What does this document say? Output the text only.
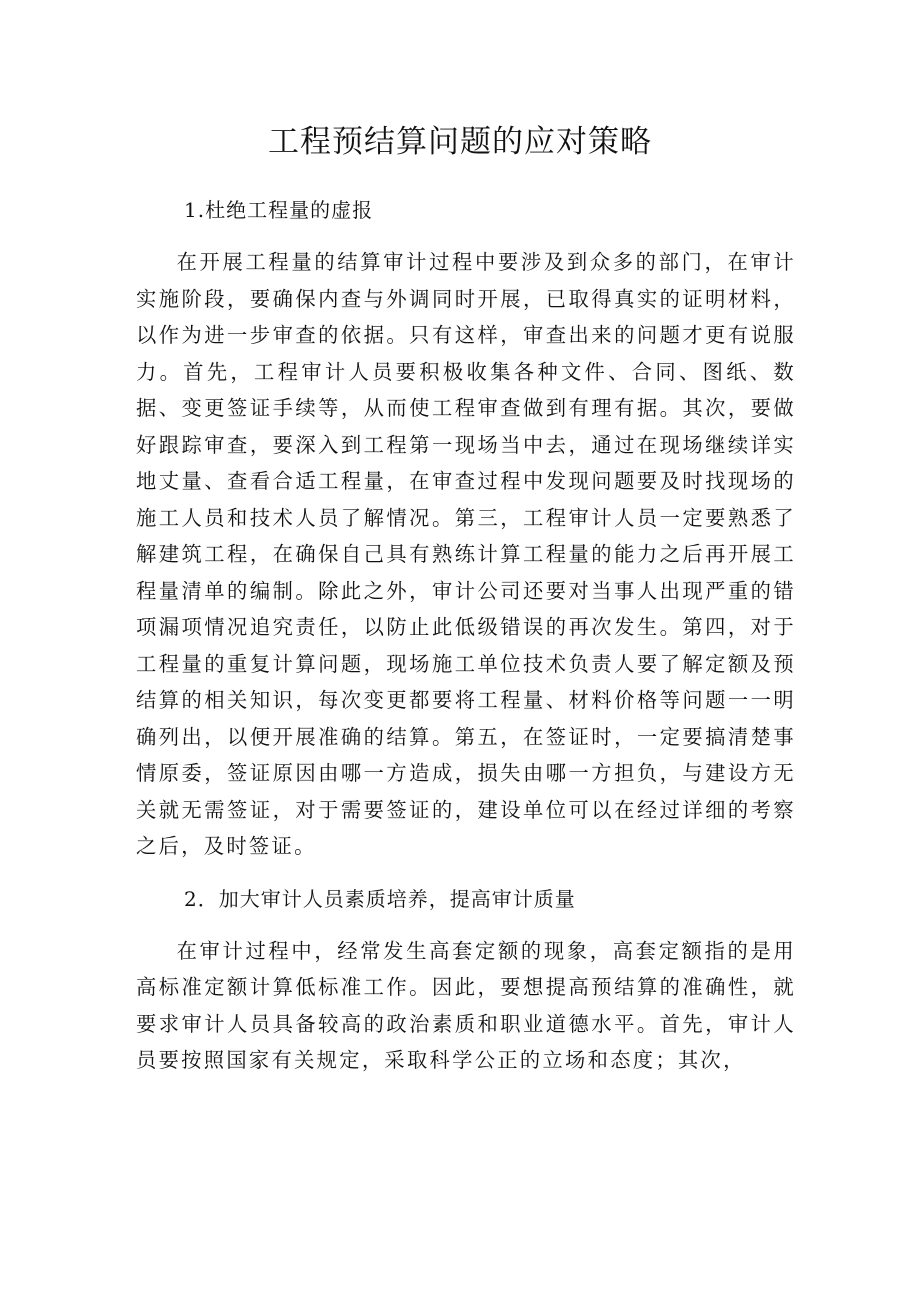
工程预结算问题的应对策略

1.杜绝工程量的虚报

在开展工程量的结算审计过程中要涉及到众多的部门，在审计实施阶段，要确保内查与外调同时开展，已取得真实的证明材料，以作为进一步审查的依据。只有这样，审查出来的问题才更有说服力。首先，工程审计人员要积极收集各种文件、合同、图纸、数据、变更签证手续等，从而使工程审查做到有理有据。其次，要做好跟踪审查，要深入到工程第一现场当中去，通过在现场继续详实地丈量、查看合适工程量，在审查过程中发现问题要及时找现场的施工人员和技术人员了解情况。第三，工程审计人员一定要熟悉了解建筑工程，在确保自己具有熟练计算工程量的能力之后再开展工程量清单的编制。除此之外，审计公司还要对当事人出现严重的错项漏项情况追究责任，以防止此低级错误的再次发生。第四，对于工程量的重复计算问题，现场施工单位技术负责人要了解定额及预结算的相关知识，每次变更都要将工程量、材料价格等问题一一明确列出，以便开展准确的结算。第五，在签证时，一定要搞清楚事情原委，签证原因由哪一方造成，损失由哪一方担负，与建设方无关就无需签证，对于需要签证的，建设单位可以在经过详细的考察之后，及时签证。

2．加大审计人员素质培养，提高审计质量

在审计过程中，经常发生高套定额的现象，高套定额指的是用高标准定额计算低标准工作。因此，要想提高预结算的准确性，就要求审计人员具备较高的政治素质和职业道德水平。首先，审计人员要按照国家有关规定，采取科学公正的立场和态度；其次，
